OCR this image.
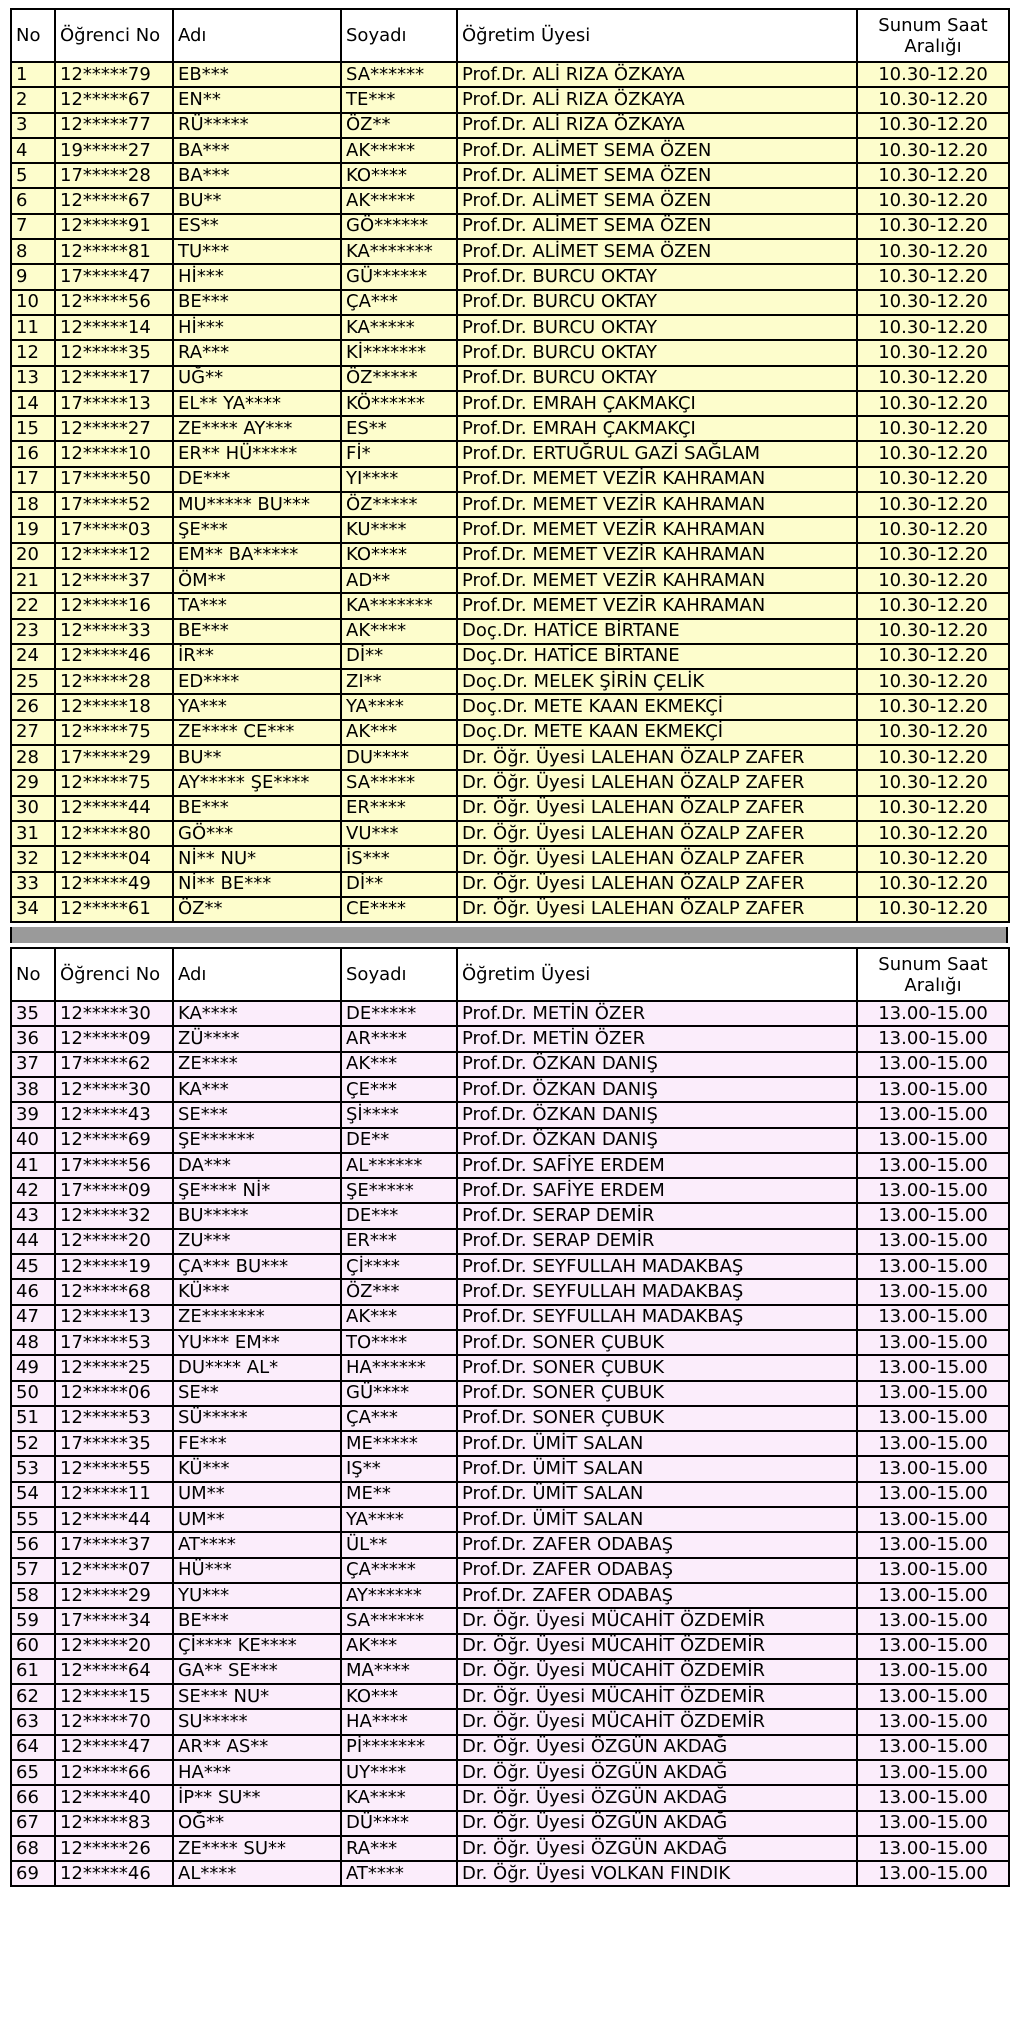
No	Öğrenci No	Adı	Soyadı	Öğretim Üyesi	Sunum Saat
Aralığı
1	12*****79	EB***	SA******	Prof.Dr. ALİ RIZA ÖZKAYA	10.30-12.20
2	12*****67	EN**	TE***	Prof.Dr. ALİ RIZA ÖZKAYA	10.30-12.20
3	12*****77	RÜ*****	ÖZ**	Prof.Dr. ALİ RIZA ÖZKAYA	10.30-12.20
4	19*****27	BA***	AK*****	Prof.Dr. ALİMET SEMA ÖZEN	10.30-12.20
5	17*****28	BA***	KO****	Prof.Dr. ALİMET SEMA ÖZEN	10.30-12.20
6	12*****67	BU**	AK*****	Prof.Dr. ALİMET SEMA ÖZEN	10.30-12.20
7	12*****91	ES**	GÖ******	Prof.Dr. ALİMET SEMA ÖZEN	10.30-12.20
8	12*****81	TU***	KA*******	Prof.Dr. ALİMET SEMA ÖZEN	10.30-12.20
9	17*****47	Hİ***	GÜ******	Prof.Dr. BURCU OKTAY	10.30-12.20
10	12*****56	BE***	ÇA***	Prof.Dr. BURCU OKTAY	10.30-12.20
11	12*****14	Hİ***	KA*****	Prof.Dr. BURCU OKTAY	10.30-12.20
12	12*****35	RA***	Kİ*******	Prof.Dr. BURCU OKTAY	10.30-12.20
13	12*****17	UĞ**	ÖZ*****	Prof.Dr. BURCU OKTAY	10.30-12.20
14	17*****13	EL** YA****	KÖ******	Prof.Dr. EMRAH ÇAKMAKÇI	10.30-12.20
15	12*****27	ZE**** AY***	ES**	Prof.Dr. EMRAH ÇAKMAKÇI	10.30-12.20
16	12*****10	ER** HÜ*****	Fİ*	Prof.Dr. ERTUĞRUL GAZİ SAĞLAM	10.30-12.20
17	17*****50	DE***	YI****	Prof.Dr. MEMET VEZİR KAHRAMAN	10.30-12.20
18	17*****52	MU***** BU***	ÖZ*****	Prof.Dr. MEMET VEZİR KAHRAMAN	10.30-12.20
19	17*****03	ŞE***	KU****	Prof.Dr. MEMET VEZİR KAHRAMAN	10.30-12.20
20	12*****12	EM** BA*****	KO****	Prof.Dr. MEMET VEZİR KAHRAMAN	10.30-12.20
21	12*****37	ÖM**	AD**	Prof.Dr. MEMET VEZİR KAHRAMAN	10.30-12.20
22	12*****16	TA***	KA*******	Prof.Dr. MEMET VEZİR KAHRAMAN	10.30-12.20
23	12*****33	BE***	AK****	Doç.Dr. HATİCE BİRTANE	10.30-12.20
24	12*****46	İR**	Dİ**	Doç.Dr. HATİCE BİRTANE	10.30-12.20
25	12*****28	ED****	ZI**	Doç.Dr. MELEK ŞİRİN ÇELİK	10.30-12.20
26	12*****18	YA***	YA****	Doç.Dr. METE KAAN EKMEKÇİ	10.30-12.20
27	12*****75	ZE**** CE***	AK***	Doç.Dr. METE KAAN EKMEKÇİ	10.30-12.20
28	17*****29	BU**	DU****	Dr. Öğr. Üyesi LALEHAN ÖZALP ZAFER	10.30-12.20
29	12*****75	AY***** ŞE****	SA*****	Dr. Öğr. Üyesi LALEHAN ÖZALP ZAFER	10.30-12.20
30	12*****44	BE***	ER****	Dr. Öğr. Üyesi LALEHAN ÖZALP ZAFER	10.30-12.20
31	12*****80	GÖ***	VU***	Dr. Öğr. Üyesi LALEHAN ÖZALP ZAFER	10.30-12.20
32	12*****04	Nİ** NU*	İS***	Dr. Öğr. Üyesi LALEHAN ÖZALP ZAFER	10.30-12.20
33	12*****49	Nİ** BE***	Dİ**	Dr. Öğr. Üyesi LALEHAN ÖZALP ZAFER	10.30-12.20
34	12*****61	ÖZ**	CE****	Dr. Öğr. Üyesi LALEHAN ÖZALP ZAFER	10.30-12.20
No	Öğrenci No	Adı	Soyadı	Öğretim Üyesi	Sunum Saat
Aralığı
35	12*****30	KA****	DE*****	Prof.Dr. METİN ÖZER	13.00-15.00
36	12*****09	ZÜ****	AR****	Prof.Dr. METİN ÖZER	13.00-15.00
37	17*****62	ZE****	AK***	Prof.Dr. ÖZKAN DANIŞ	13.00-15.00
38	12*****30	KA***	ÇE***	Prof.Dr. ÖZKAN DANIŞ	13.00-15.00
39	12*****43	SE***	Şİ****	Prof.Dr. ÖZKAN DANIŞ	13.00-15.00
40	12*****69	ŞE******	DE**	Prof.Dr. ÖZKAN DANIŞ	13.00-15.00
41	17*****56	DA***	AL******	Prof.Dr. SAFİYE ERDEM	13.00-15.00
42	17*****09	ŞE**** Nİ*	ŞE*****	Prof.Dr. SAFİYE ERDEM	13.00-15.00
43	12*****32	BU*****	DE***	Prof.Dr. SERAP DEMİR	13.00-15.00
44	12*****20	ZU***	ER***	Prof.Dr. SERAP DEMİR	13.00-15.00
45	12*****19	ÇA*** BU***	Çİ****	Prof.Dr. SEYFULLAH MADAKBAŞ	13.00-15.00
46	12*****68	KÜ***	ÖZ***	Prof.Dr. SEYFULLAH MADAKBAŞ	13.00-15.00
47	12*****13	ZE*******	AK***	Prof.Dr. SEYFULLAH MADAKBAŞ	13.00-15.00
48	17*****53	YU*** EM**	TO****	Prof.Dr. SONER ÇUBUK	13.00-15.00
49	12*****25	DU**** AL*	HA******	Prof.Dr. SONER ÇUBUK	13.00-15.00
50	12*****06	SE**	GÜ****	Prof.Dr. SONER ÇUBUK	13.00-15.00
51	12*****53	SÜ*****	ÇA***	Prof.Dr. SONER ÇUBUK	13.00-15.00
52	17*****35	FE***	ME*****	Prof.Dr. ÜMİT SALAN	13.00-15.00
53	12*****55	KÜ***	IŞ**	Prof.Dr. ÜMİT SALAN	13.00-15.00
54	12*****11	UM**	ME**	Prof.Dr. ÜMİT SALAN	13.00-15.00
55	12*****44	UM**	YA****	Prof.Dr. ÜMİT SALAN	13.00-15.00
56	17*****37	AT****	ÜL**	Prof.Dr. ZAFER ODABAŞ	13.00-15.00
57	12*****07	HÜ***	ÇA*****	Prof.Dr. ZAFER ODABAŞ	13.00-15.00
58	12*****29	YU***	AY******	Prof.Dr. ZAFER ODABAŞ	13.00-15.00
59	17*****34	BE***	SA******	Dr. Öğr. Üyesi MÜCAHİT ÖZDEMİR	13.00-15.00
60	12*****20	Çİ**** KE****	AK***	Dr. Öğr. Üyesi MÜCAHİT ÖZDEMİR	13.00-15.00
61	12*****64	GA** SE***	MA****	Dr. Öğr. Üyesi MÜCAHİT ÖZDEMİR	13.00-15.00
62	12*****15	SE*** NU*	KO***	Dr. Öğr. Üyesi MÜCAHİT ÖZDEMİR	13.00-15.00
63	12*****70	SU*****	HA****	Dr. Öğr. Üyesi MÜCAHİT ÖZDEMİR	13.00-15.00
64	12*****47	AR** AS**	Pİ*******	Dr. Öğr. Üyesi ÖZGÜN AKDAĞ	13.00-15.00
65	12*****66	HA***	UY****	Dr. Öğr. Üyesi ÖZGÜN AKDAĞ	13.00-15.00
66	12*****40	İP** SU**	KA****	Dr. Öğr. Üyesi ÖZGÜN AKDAĞ	13.00-15.00
67	12*****83	OĞ**	DÜ****	Dr. Öğr. Üyesi ÖZGÜN AKDAĞ	13.00-15.00
68	12*****26	ZE**** SU**	RA***	Dr. Öğr. Üyesi ÖZGÜN AKDAĞ	13.00-15.00
69	12*****46	AL****	AT****	Dr. Öğr. Üyesi VOLKAN FINDIK	13.00-15.00
